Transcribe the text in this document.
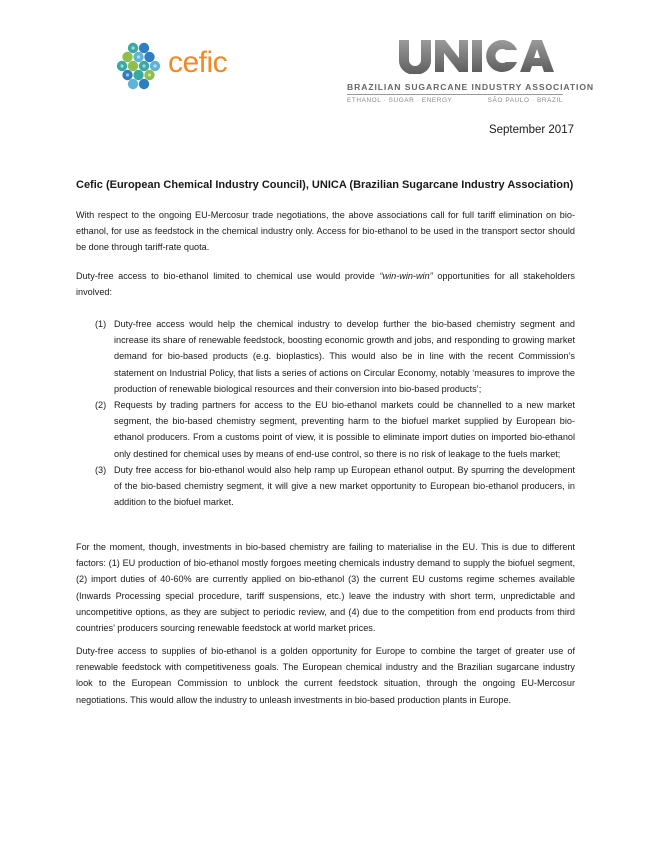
cefic
BRAZILIAN SUGARCANE INDUSTRY ASSOCIATION
ETHANOL · SUGAR · ENERGY	SÃO PAULO · BRAZIL
September 2017
Cefic (European Chemical Industry Council), UNICA (Brazilian Sugarcane Industry Association)

With respect to the ongoing EU-Mercosur trade negotiations, the above associations call for full tariff elimination on bio-ethanol, for use as feedstock in the chemical industry only. Access for bio-ethanol to be used in the transport sector should be done through tariff-rate quota.

Duty-free access to bio-ethanol limited to chemical use would provide “win-win-win” opportunities for all stakeholders involved:

(1) Duty-free access would help the chemical industry to develop further the bio-based chemistry segment and increase its share of renewable feedstock, boosting economic growth and jobs, and responding to growing market demand for bio-based products (e.g. bioplastics). This would also be in line with the recent Commission’s statement on Industrial Policy, that lists a series of actions on Circular Economy, notably ‘measures to improve the production of renewable biological resources and their conversion into bio-based products’;
(2) Requests by trading partners for access to the EU bio-ethanol markets could be channelled to a new market segment, the bio-based chemistry segment, preventing harm to the biofuel market supplied by European bio-ethanol producers. From a customs point of view, it is possible to eliminate import duties on imported bio-ethanol only destined for chemical uses by means of end-use control, so there is no risk of leakage to the fuels market;
(3) Duty free access for bio-ethanol would also help ramp up European ethanol output. By spurring the development of the bio-based chemistry segment, it will give a new market opportunity to European bio-ethanol producers, in addition to the biofuel market.

For the moment, though, investments in bio-based chemistry are failing to materialise in the EU. This is due to different factors: (1) EU production of bio-ethanol mostly forgoes meeting chemicals industry demand to supply the biofuel segment, (2) import duties of 40-60% are currently applied on bio-ethanol (3) the current EU customs regime schemes available (Inwards Processing special procedure, tariff suspensions, etc.) leave the industry with short term, unpredictable and uncompetitive options, as they are subject to periodic review, and (4) due to the competition from end products from third countries’ producers sourcing renewable feedstock at world market prices.

Duty-free access to supplies of bio-ethanol is a golden opportunity for Europe to combine the target of greater use of renewable feedstock with competitiveness goals. The European chemical industry and the Brazilian sugarcane industry look to the European Commission to unblock the current feedstock situation, through the ongoing EU-Mercosur negotiations. This would allow the industry to unleash investments in bio-based production plants in Europe.
